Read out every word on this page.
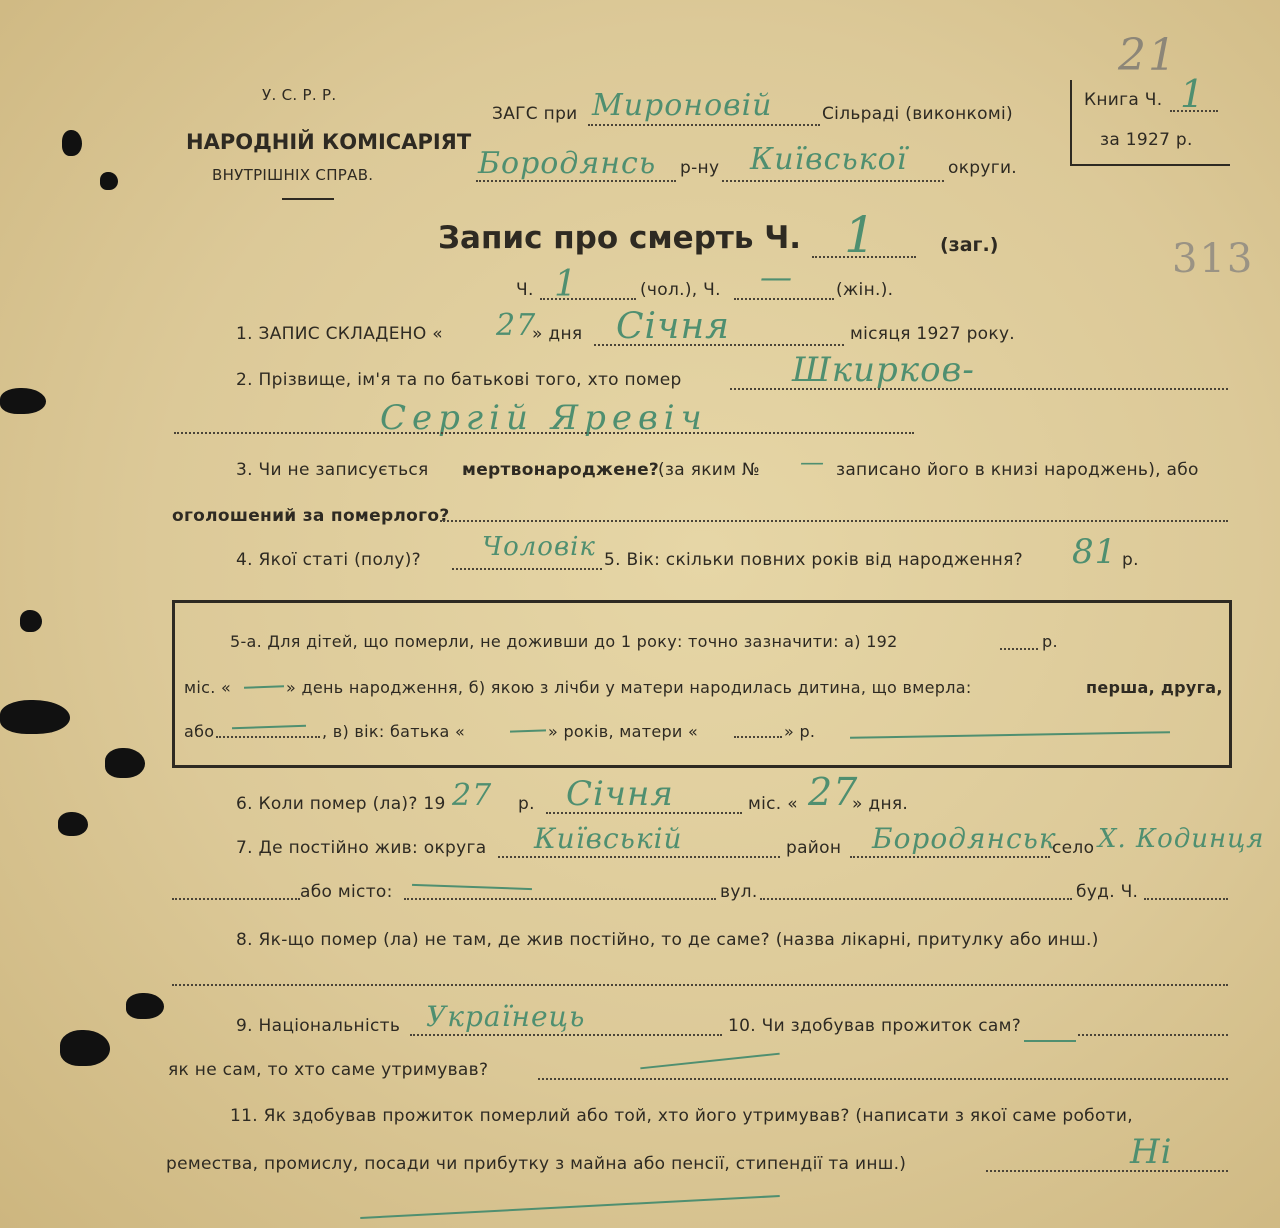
У. С. Р. Р.
НАРОДНІЙ КОМІСАРІЯТ
ВНУТРІШНІХ СПРАВ.
ЗАГС при Мироновій	Сільраді (виконкомі)
Бородянсь р-ну Київської округи.
21
Книга Ч. 1
за 1927 р.
313
Запис про смерть Ч. 1	(заг.)
Ч. 1	(чол.), Ч. —	(жін.).
1. ЗАПИС СКЛАДЕНО « 27
» дня Січня	місяця 1927 року.
2. Прізвище, ім'я та по батькові того, хто помер	Шкирков-
Сергій Яревіч
3. Чи не записується мертвонароджене?
(за яким № — записано його в книзі народжень), або
оголошений за померлого?
4. Якої статі (полу)? Чоловік 5. Вік: скільки повних років від народження? 81 р.
5-а. Для дітей, що померли, не доживши до 1 року: точно зазначити: а) 192	р.
міс. «	» день народження, б) якою з лічби у матери народилась дитина, що вмерла:	перша, друга,
або	, в) вік: батька «	» років, матери «	» р.
6. Коли помер (ла)? 19 27 р. Січня	міс. « 27
» дня.
7. Де постійно жив: округа Київській	район Бородянськ
село Х. Кодинця
або місто:	вул.	буд. Ч.
8. Як-що помер (ла) не там, де жив постійно, то де саме? (назва лікарні, притулку або инш.)
9. Національність Українець	10. Чи здобував прожиток сам?
як не сам, то хто саме утримував?
11. Як здобував прожиток померлий або той, хто його утримував? (написати з якої саме роботи,
ремества, промислу, посади чи прибутку з майна або пенсії, стипендії та инш.)	Ні
